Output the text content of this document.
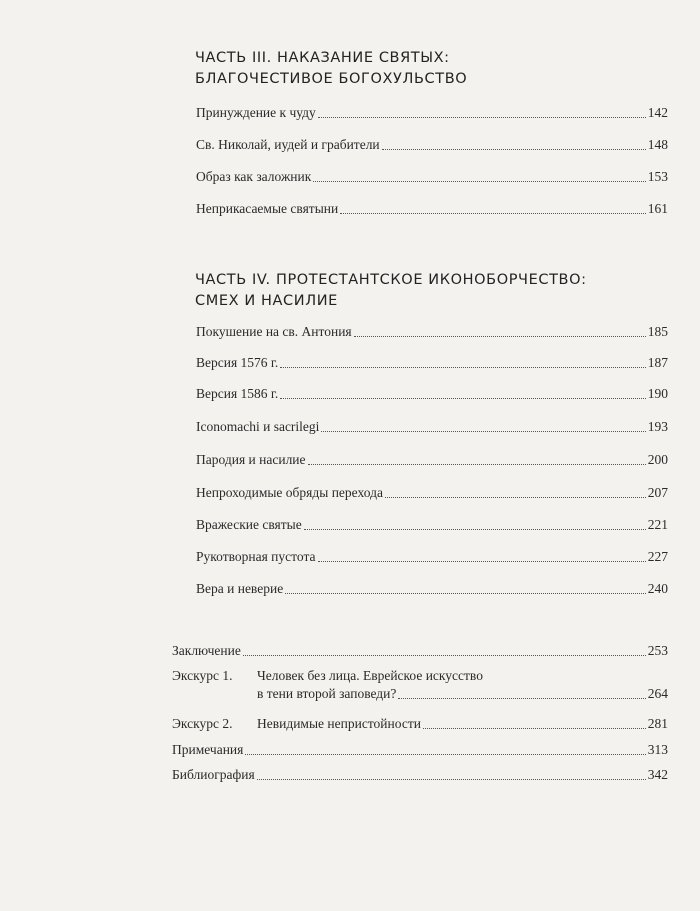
ЧАСТЬ III. НАКАЗАНИЕ СВЯТЫХ:
БЛАГОЧЕСТИВОЕ БОГОХУЛЬСТВО
Принуждение к чуду	142
Св. Николай, иудей и грабители	148
Образ как заложник	153
Неприкасаемые святыни	161
ЧАСТЬ IV. ПРОТЕСТАНТСКОЕ ИКОНОБОРЧЕСТВО:
СМЕХ И НАСИЛИЕ
Покушение на св. Антония	185
Версия 1576 г.	187
Версия 1586 г.	190
Iconomachi и sacrilegi	193
Пародия и насилие	200
Непроходимые обряды перехода	207
Вражеские святые	221
Рукотворная пустота	227
Вера и неверие	240
Заключение	253
Экскурс 1. Человек без лица. Еврейское искусство
в тени второй заповеди?	264
Экскурс 2. Невидимые непристойности	281
Примечания	313
Библиография	342
